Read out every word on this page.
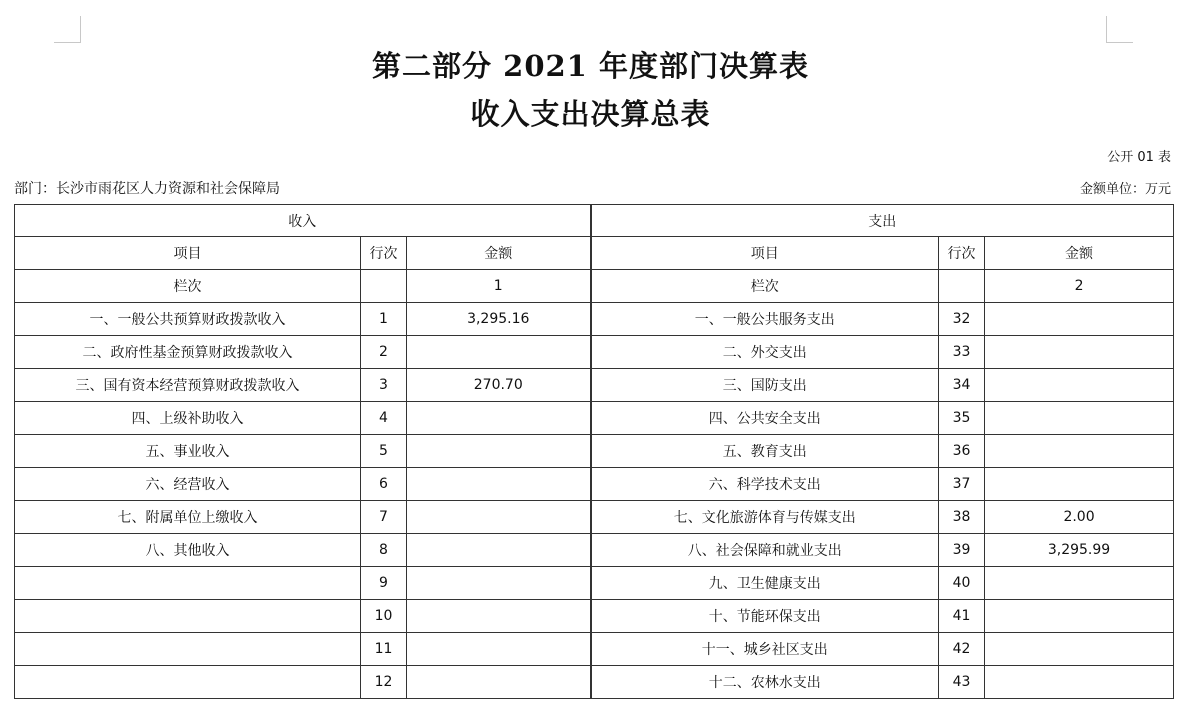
第二部分 2021 年度部门决算表
收入支出决算总表
公开 01 表
部门：长沙市雨花区人力资源和社会保障局	金额单位：万元
收入			支出		
项目	行次	金额	项目	行次	金额
栏次		1	栏次		2
一、一般公共预算财政拨款收入	1	3,295.16	一、一般公共服务支出	32	
二、政府性基金预算财政拨款收入	2		二、外交支出	33	
三、国有资本经营预算财政拨款收入	3	270.70	三、国防支出	34	
四、上级补助收入	4		四、公共安全支出	35	
五、事业收入	5		五、教育支出	36	
六、经营收入	6		六、科学技术支出	37	
七、附属单位上缴收入	7		七、文化旅游体育与传媒支出	38	2.00
八、其他收入	8		八、社会保障和就业支出	39	3,295.99
	9		九、卫生健康支出	40	
	10		十、节能环保支出	41	
	11		十一、城乡社区支出	42	
	12		十二、农林水支出	43	
